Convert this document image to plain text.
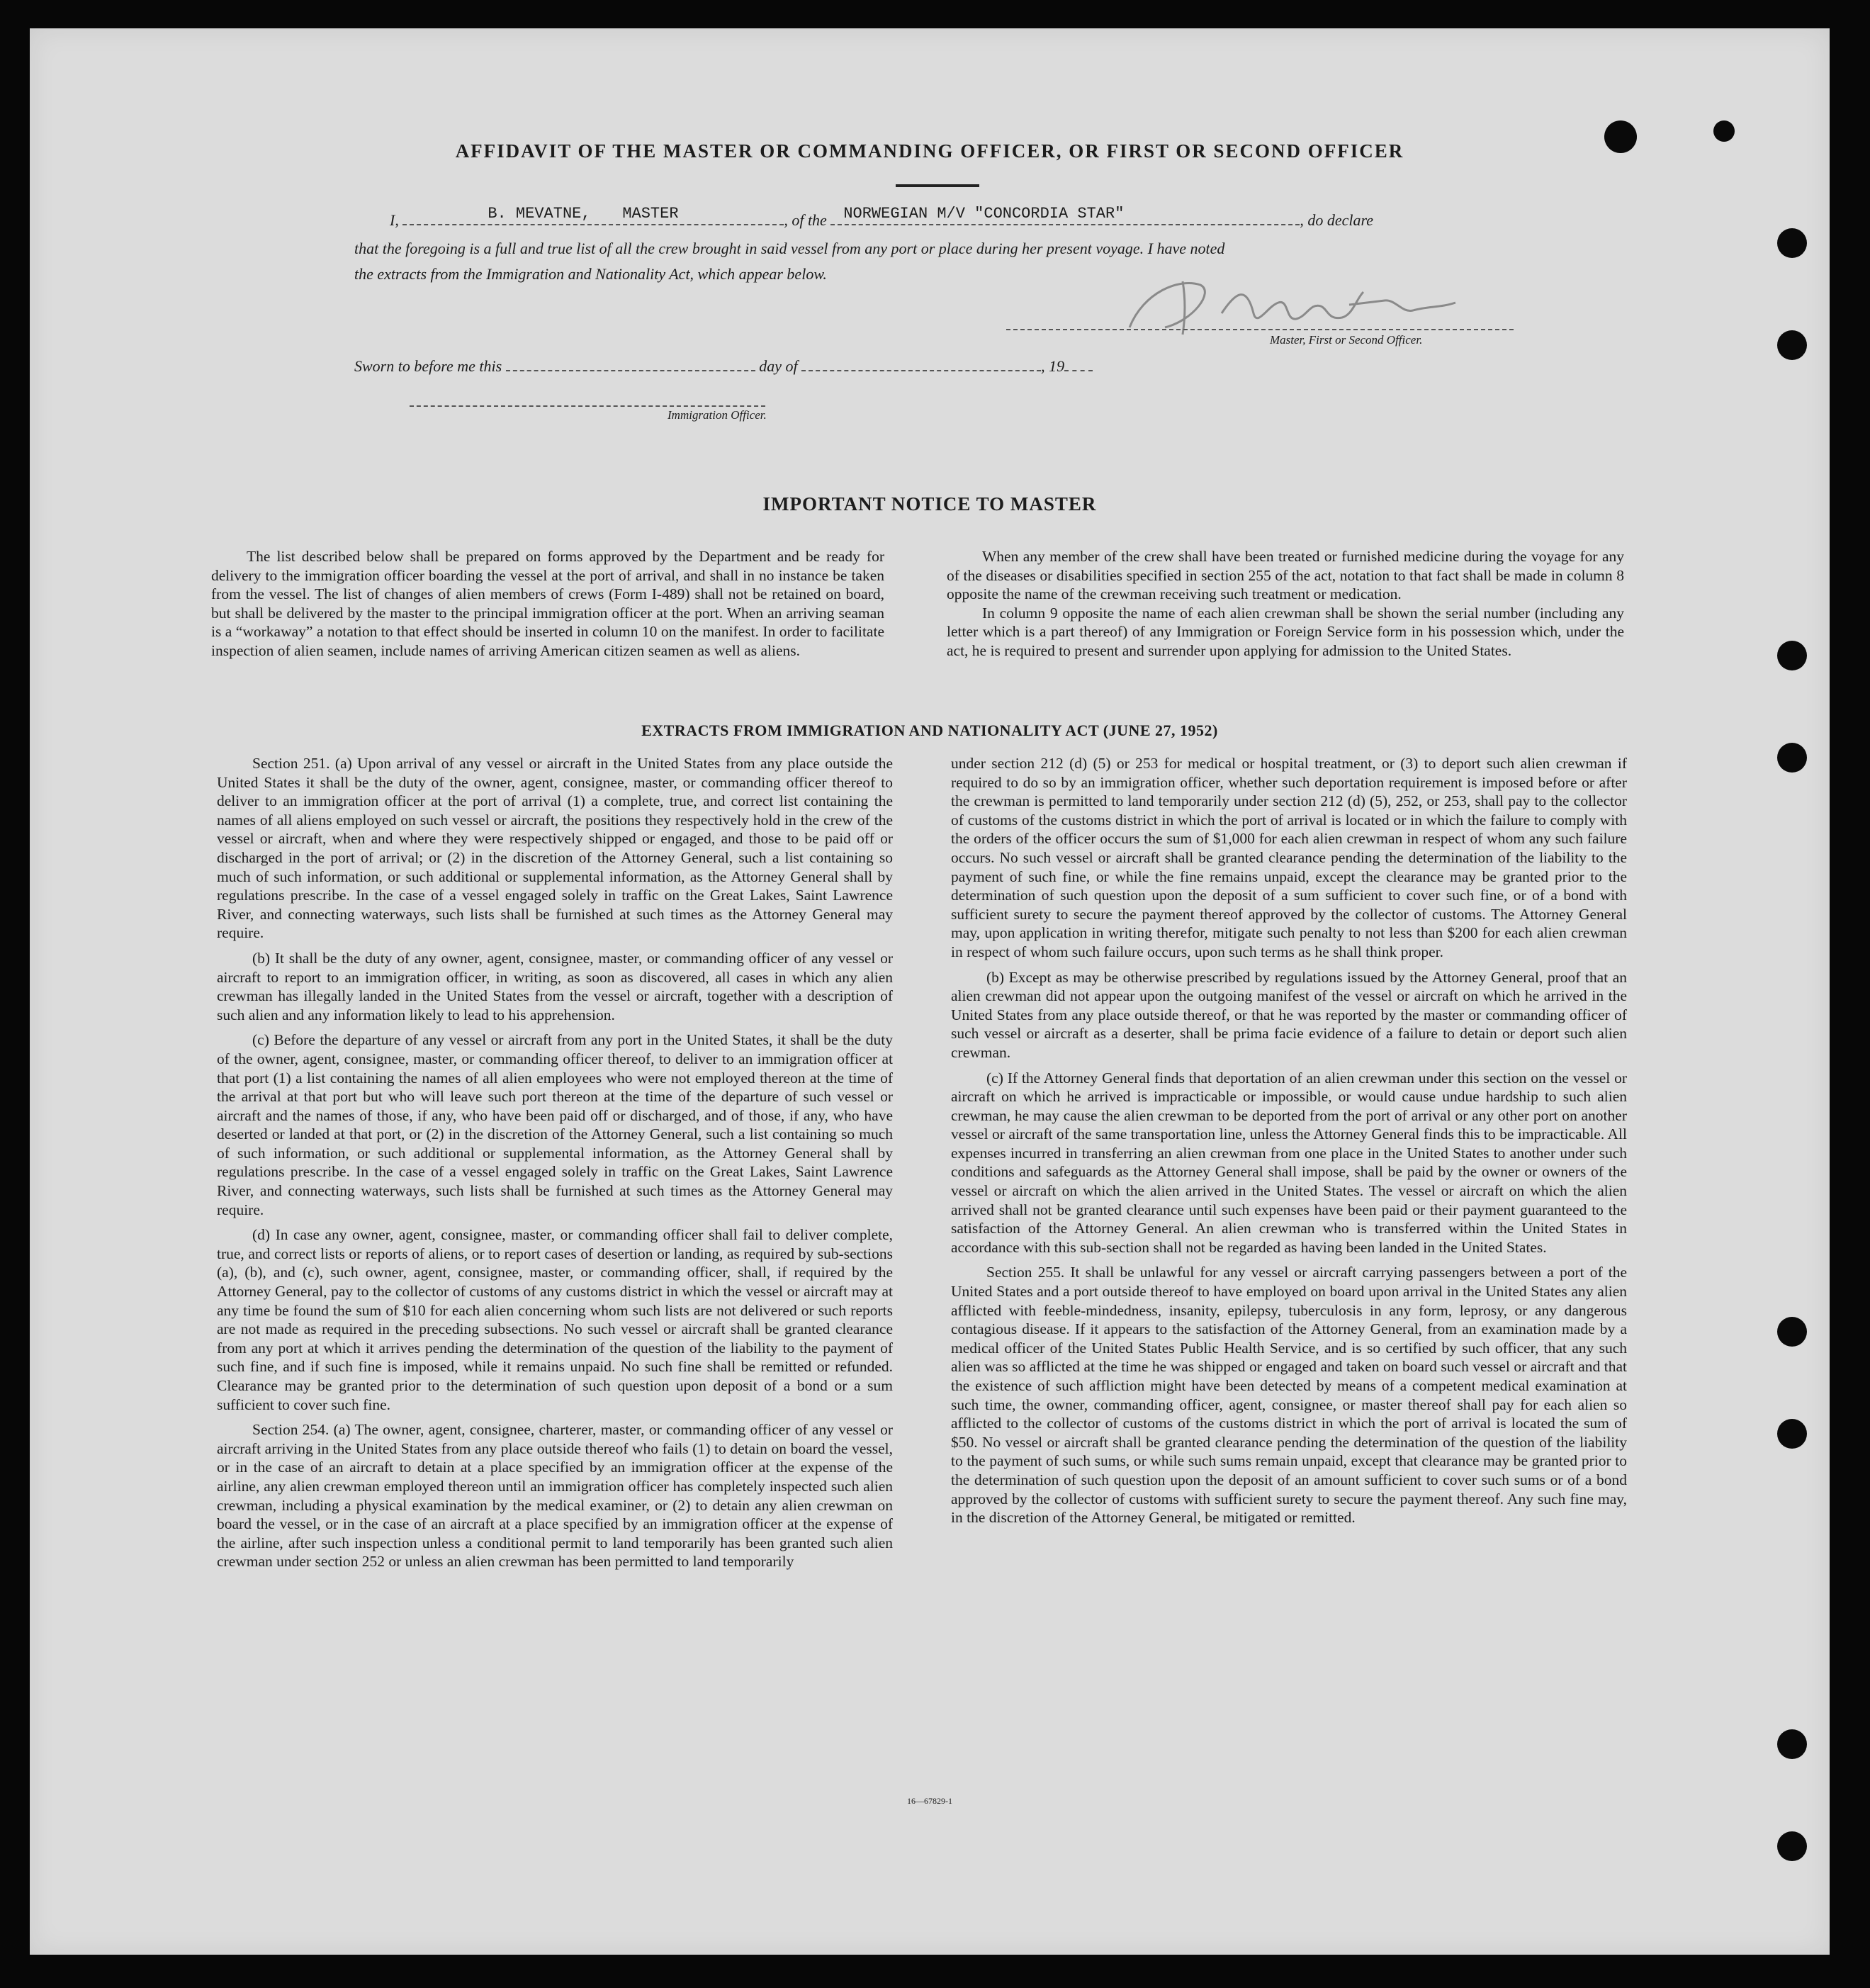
AFFIDAVIT OF THE MASTER OR COMMANDING OFFICER, OR FIRST OR SECOND OFFICER
I,	B. MEVATNE, MASTER	, of the NORWEGIAN M/V "CONCORDIA STAR"	, do declare
that the foregoing is a full and true list of all the crew brought in said vessel from any port or place during her present voyage. I have noted
the extracts from the Immigration and Nationality Act, which appear below.
Master, First or Second Officer.
Sworn to before me this	day of	, 19
Immigration Officer.
IMPORTANT NOTICE TO MASTER

The list described below shall be prepared on forms approved by the Department and be ready for delivery to the immigration officer boarding the vessel at the port of arrival, and shall in no instance be taken from the vessel. The list of changes of alien members of crews (Form I-489) shall not be retained on board, but shall be delivered by the master to the principal immigration officer at the port. When an arriving seaman is a “workaway” a notation to that effect should be inserted in column 10 on the manifest. In order to facilitate inspection of alien seamen, include names of arriving American citizen seamen as well as aliens.

When any member of the crew shall have been treated or furnished medicine during the voyage for any of the diseases or disabilities specified in section 255 of the act, notation to that fact shall be made in column 8 opposite the name of the crewman receiving such treatment or medication.

In column 9 opposite the name of each alien crewman shall be shown the serial number (including any letter which is a part thereof) of any Immigration or Foreign Service form in his possession which, under the act, he is required to present and surrender upon applying for admission to the United States.

EXTRACTS FROM IMMIGRATION AND NATIONALITY ACT (JUNE 27, 1952)

Section 251. (a) Upon arrival of any vessel or aircraft in the United States from any place outside the United States it shall be the duty of the owner, agent, consignee, master, or commanding officer thereof to deliver to an immigration officer at the port of arrival (1) a complete, true, and correct list containing the names of all aliens employed on such vessel or aircraft, the positions they respectively hold in the crew of the vessel or aircraft, when and where they were respectively shipped or engaged, and those to be paid off or discharged in the port of arrival; or (2) in the discretion of the Attorney General, such a list containing so much of such information, or such additional or supplemental information, as the Attorney General shall by regulations prescribe. In the case of a vessel engaged solely in traffic on the Great Lakes, Saint Lawrence River, and connecting waterways, such lists shall be furnished at such times as the Attorney General may require.

(b) It shall be the duty of any owner, agent, consignee, master, or commanding officer of any vessel or aircraft to report to an immigration officer, in writing, as soon as discovered, all cases in which any alien crewman has illegally landed in the United States from the vessel or aircraft, together with a description of such alien and any information likely to lead to his apprehension.

(c) Before the departure of any vessel or aircraft from any port in the United States, it shall be the duty of the owner, agent, consignee, master, or commanding officer thereof, to deliver to an immigration officer at that port (1) a list containing the names of all alien employees who were not employed thereon at the time of the arrival at that port but who will leave such port thereon at the time of the departure of such vessel or aircraft and the names of those, if any, who have been paid off or discharged, and of those, if any, who have deserted or landed at that port, or (2) in the discretion of the Attorney General, such a list containing so much of such information, or such additional or supplemental information, as the Attorney General shall by regulations prescribe. In the case of a vessel engaged solely in traffic on the Great Lakes, Saint Lawrence River, and connecting waterways, such lists shall be furnished at such times as the Attorney General may require.

(d) In case any owner, agent, consignee, master, or commanding officer shall fail to deliver complete, true, and correct lists or reports of aliens, or to report cases of desertion or landing, as required by sub-sections (a), (b), and (c), such owner, agent, consignee, master, or commanding officer, shall, if required by the Attorney General, pay to the collector of customs of any customs district in which the vessel or aircraft may at any time be found the sum of $10 for each alien concerning whom such lists are not delivered or such reports are not made as required in the preceding subsections. No such vessel or aircraft shall be granted clearance from any port at which it arrives pending the determination of the question of the liability to the payment of such fine, and if such fine is imposed, while it remains unpaid. No such fine shall be remitted or refunded. Clearance may be granted prior to the determination of such question upon deposit of a bond or a sum sufficient to cover such fine.

Section 254. (a) The owner, agent, consignee, charterer, master, or commanding officer of any vessel or aircraft arriving in the United States from any place outside thereof who fails (1) to detain on board the vessel, or in the case of an aircraft to detain at a place specified by an immigration officer at the expense of the airline, any alien crewman employed thereon until an immigration officer has completely inspected such alien crewman, including a physical examination by the medical examiner, or (2) to detain any alien crewman on board the vessel, or in the case of an aircraft at a place specified by an immigration officer at the expense of the airline, after such inspection unless a conditional permit to land temporarily has been granted such alien crewman under section 252 or unless an alien crewman has been permitted to land temporarily

under section 212 (d) (5) or 253 for medical or hospital treatment, or (3) to deport such alien crewman if required to do so by an immigration officer, whether such deportation requirement is imposed before or after the crewman is permitted to land temporarily under section 212 (d) (5), 252, or 253, shall pay to the collector of customs of the customs district in which the port of arrival is located or in which the failure to comply with the orders of the officer occurs the sum of $1,000 for each alien crewman in respect of whom any such failure occurs. No such vessel or aircraft shall be granted clearance pending the determination of the liability to the payment of such fine, or while the fine remains unpaid, except the clearance may be granted prior to the determination of such question upon the deposit of a sum sufficient to cover such fine, or of a bond with sufficient surety to secure the payment thereof approved by the collector of customs. The Attorney General may, upon application in writing therefor, mitigate such penalty to not less than $200 for each alien crewman in respect of whom such failure occurs, upon such terms as he shall think proper.

(b) Except as may be otherwise prescribed by regulations issued by the Attorney General, proof that an alien crewman did not appear upon the outgoing manifest of the vessel or aircraft on which he arrived in the United States from any place outside thereof, or that he was reported by the master or commanding officer of such vessel or aircraft as a deserter, shall be prima facie evidence of a failure to detain or deport such alien crewman.

(c) If the Attorney General finds that deportation of an alien crewman under this section on the vessel or aircraft on which he arrived is impracticable or impossible, or would cause undue hardship to such alien crewman, he may cause the alien crewman to be deported from the port of arrival or any other port on another vessel or aircraft of the same transportation line, unless the Attorney General finds this to be impracticable. All expenses incurred in transferring an alien crewman from one place in the United States to another under such conditions and safeguards as the Attorney General shall impose, shall be paid by the owner or owners of the vessel or aircraft on which the alien arrived in the United States. The vessel or aircraft on which the alien arrived shall not be granted clearance until such expenses have been paid or their payment guaranteed to the satisfaction of the Attorney General. An alien crewman who is transferred within the United States in accordance with this sub-section shall not be regarded as having been landed in the United States.

Section 255. It shall be unlawful for any vessel or aircraft carrying passengers between a port of the United States and a port outside thereof to have employed on board upon arrival in the United States any alien afflicted with feeble-mindedness, insanity, epilepsy, tuberculosis in any form, leprosy, or any dangerous contagious disease. If it appears to the satisfaction of the Attorney General, from an examination made by a medical officer of the United States Public Health Service, and is so certified by such officer, that any such alien was so afflicted at the time he was shipped or engaged and taken on board such vessel or aircraft and that the existence of such affliction might have been detected by means of a competent medical examination at such time, the owner, commanding officer, agent, consignee, or master thereof shall pay for each alien so afflicted to the collector of customs of the customs district in which the port of arrival is located the sum of $50. No vessel or aircraft shall be granted clearance pending the determination of the question of the liability to the payment of such sums, or while such sums remain unpaid, except that clearance may be granted prior to the determination of such question upon the deposit of an amount sufficient to cover such sums or of a bond approved by the collector of customs with sufficient surety to secure the payment thereof. Any such fine may, in the discretion of the Attorney General, be mitigated or remitted.

16—67829-1
